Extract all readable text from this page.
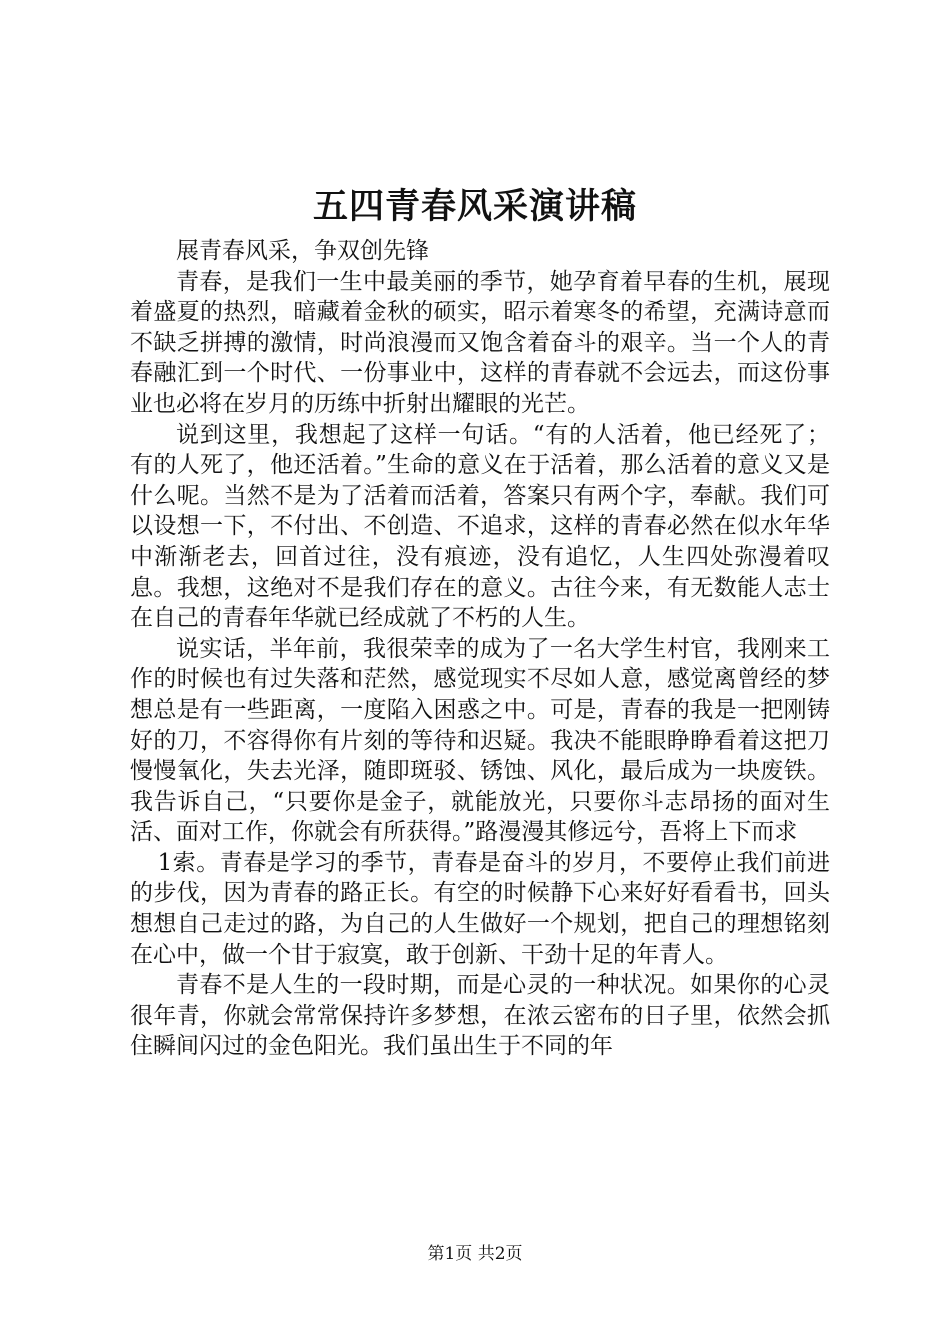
五四青春风采演讲稿

展青春风采，争双创先锋

青春，是我们一生中最美丽的季节，她孕育着早春的生机，展现着盛夏的热烈，暗藏着金秋的硕实，昭示着寒冬的希望，充满诗意而不缺乏拼搏的激情，时尚浪漫而又饱含着奋斗的艰辛。当一个人的青春融汇到一个时代、一份事业中，这样的青春就不会远去，而这份事业也必将在岁月的历练中折射出耀眼的光芒。

说到这里，我想起了这样一句话。“有的人活着，他已经死了；有的人死了，他还活着。”生命的意义在于活着，那么活着的意义又是什么呢。当然不是为了活着而活着，答案只有两个字，奉献。我们可以设想一下，不付出、不创造、不追求，这样的青春必然在似水年华中渐渐老去，回首过往，没有痕迹，没有追忆，人生四处弥漫着叹息。我想，这绝对不是我们存在的意义。古往今来，有无数能人志士在自己的青春年华就已经成就了不朽的人生。

说实话，半年前，我很荣幸的成为了一名大学生村官，我刚来工作的时候也有过失落和茫然，感觉现实不尽如人意，感觉离曾经的梦想总是有一些距离，一度陷入困惑之中。可是，青春的我是一把刚铸好的刀，不容得你有片刻的等待和迟疑。我决不能眼睁睁看着这把刀慢慢氧化，失去光泽，随即斑驳、锈蚀、风化，最后成为一块废铁。我告诉自己，“只要你是金子，就能放光，只要你斗志昂扬的面对生活、面对工作，你就会有所获得。”路漫漫其修远兮，吾将上下而求

1索。青春是学习的季节，青春是奋斗的岁月，不要停止我们前进的步伐，因为青春的路正长。有空的时候静下心来好好看看书，回头想想自己走过的路，为自己的人生做好一个规划，把自己的理想铭刻在心中，做一个甘于寂寞，敢于创新、干劲十足的年青人。

青春不是人生的一段时期，而是心灵的一种状况。如果你的心灵很年青，你就会常常保持许多梦想，在浓云密布的日子里，依然会抓住瞬间闪过的金色阳光。我们虽出生于不同的年

第1页 共2页
